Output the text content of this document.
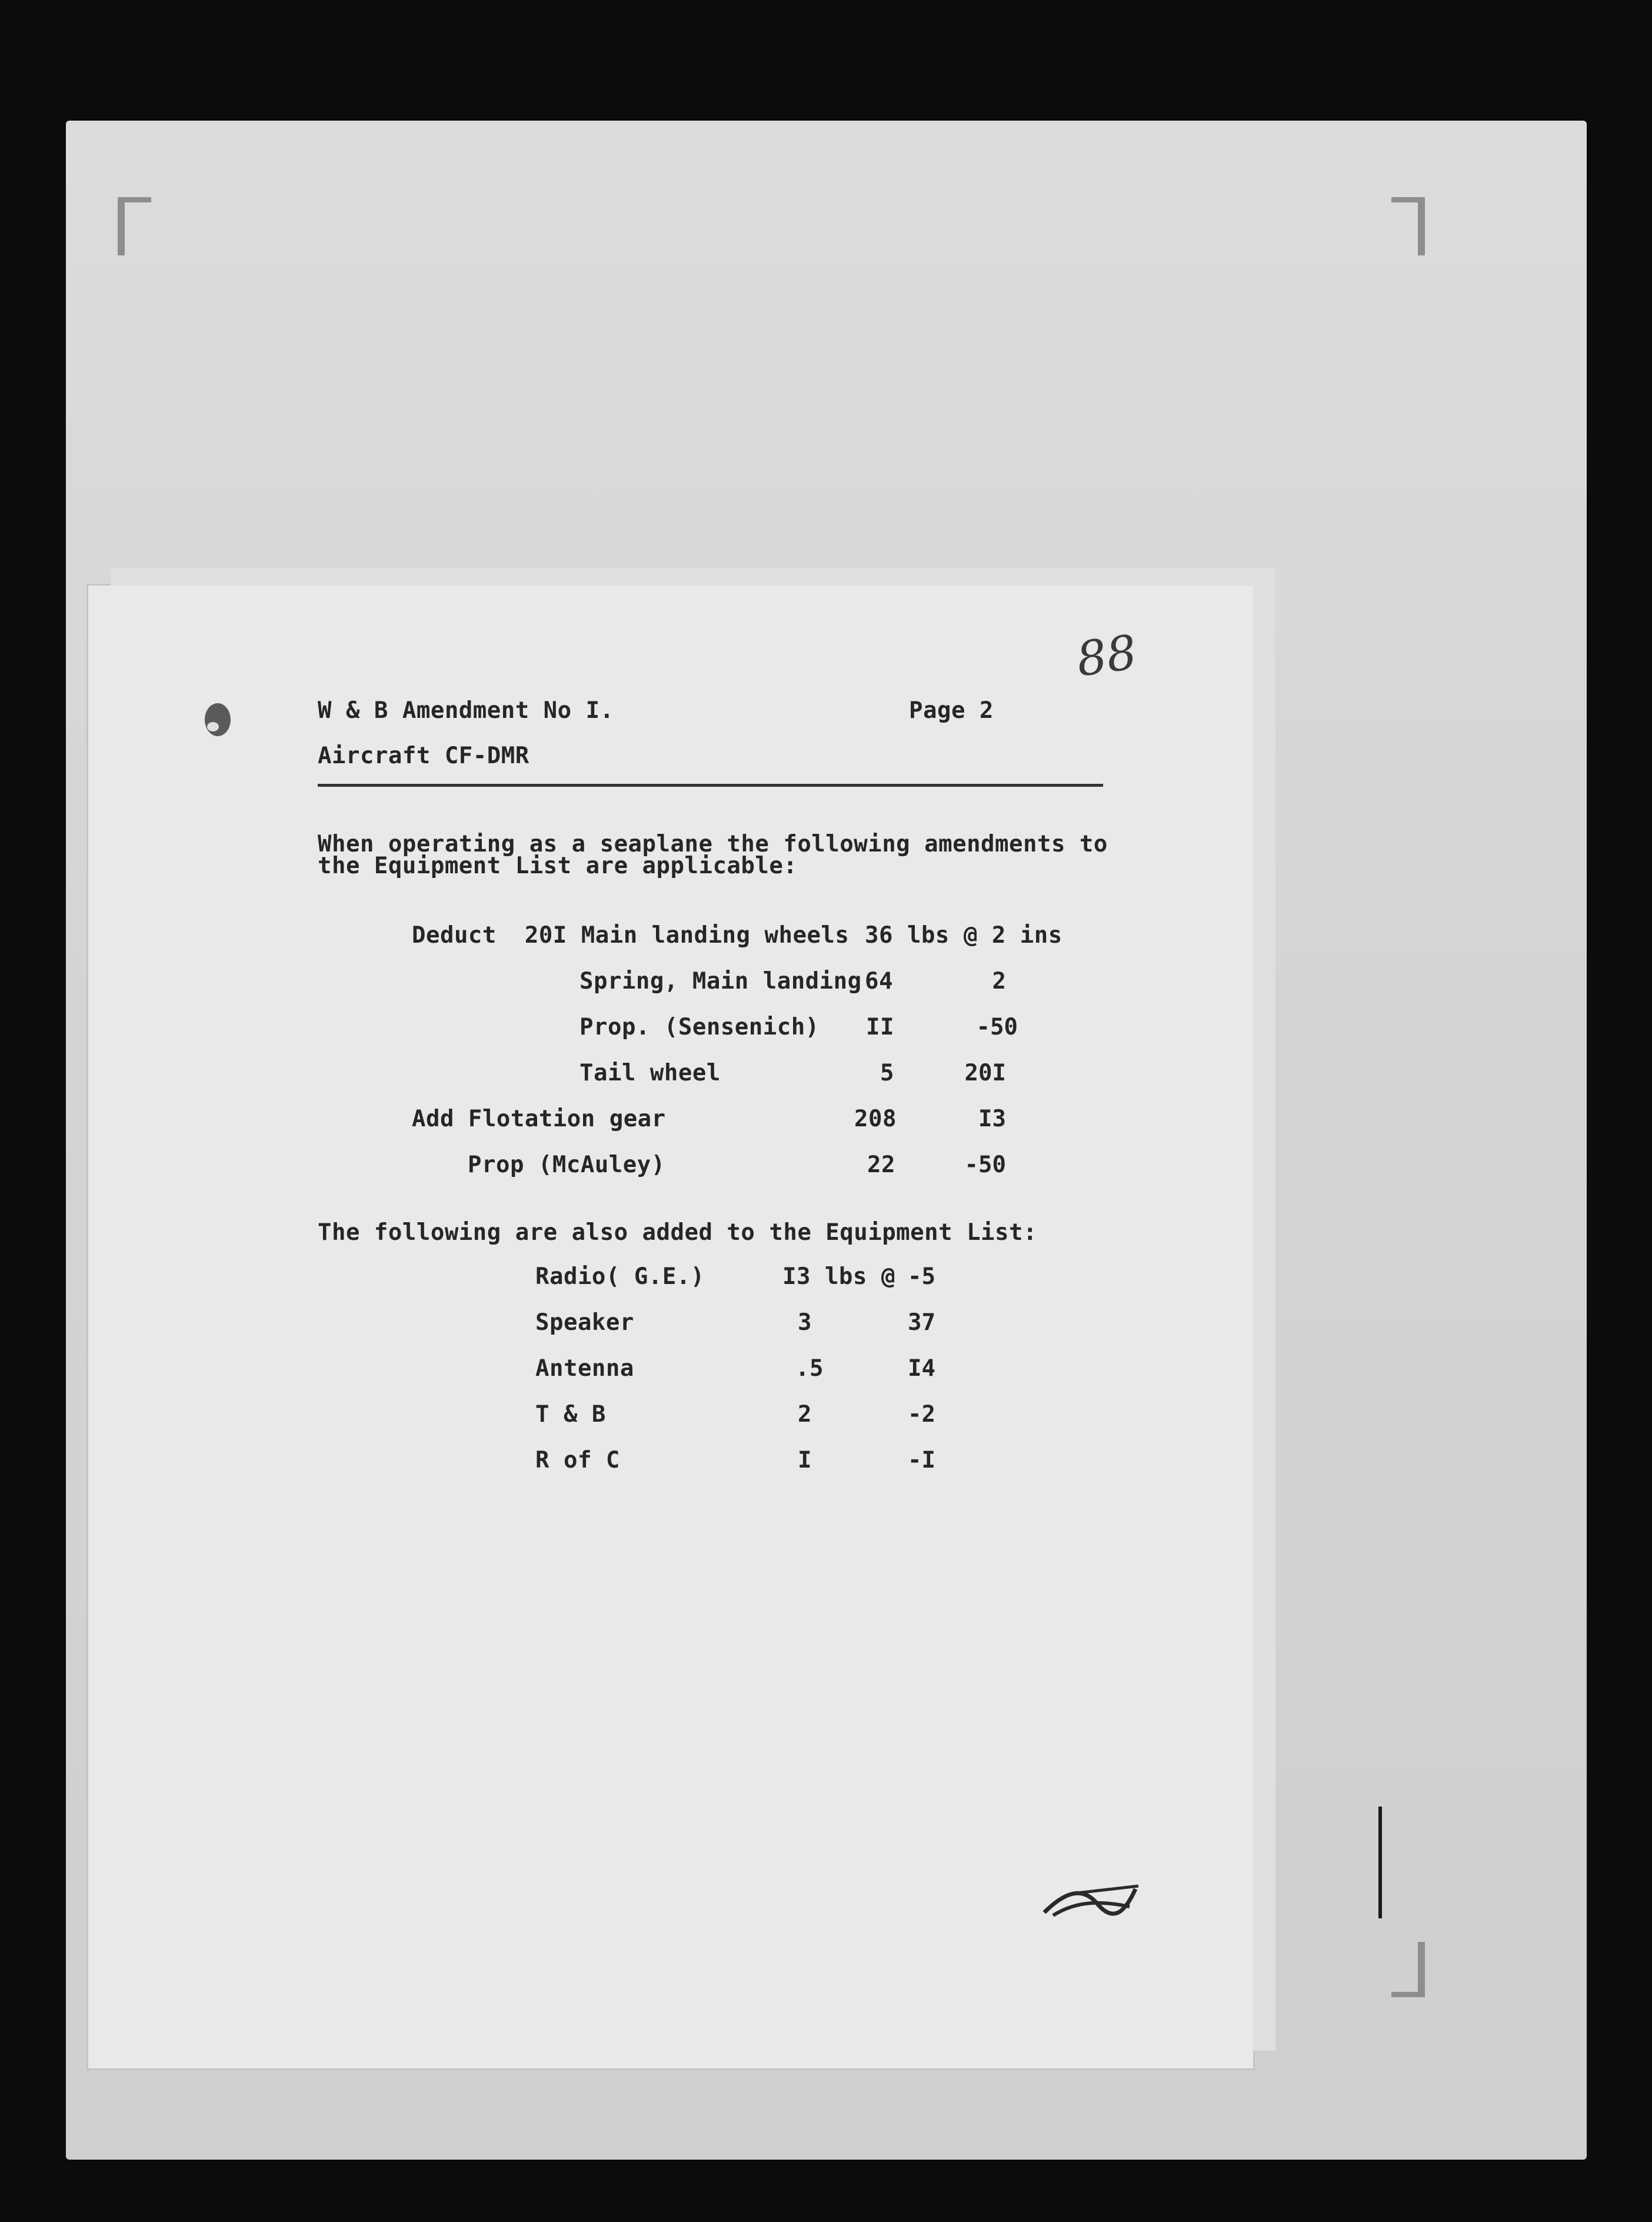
88
W & B Amendment No I.	Page 2
Aircraft CF-DMR
When operating as a seaplane the following amendments to
the Equipment List are applicable:
Deduct  20I Main landing wheels 36 lbs @ 2 ins
Spring, Main landing 64	2
Prop. (Sensenich) II	-50
Tail wheel	5	20I
Add Flotation gear	208	I3
Prop (McAuley)	22	-50
The following are also added to the Equipment List:
Radio( G.E.)	I3 lbs @ -5
Speaker	3	37
Antenna	.5	I4
T & B	2	-2
R of C	I	-I
